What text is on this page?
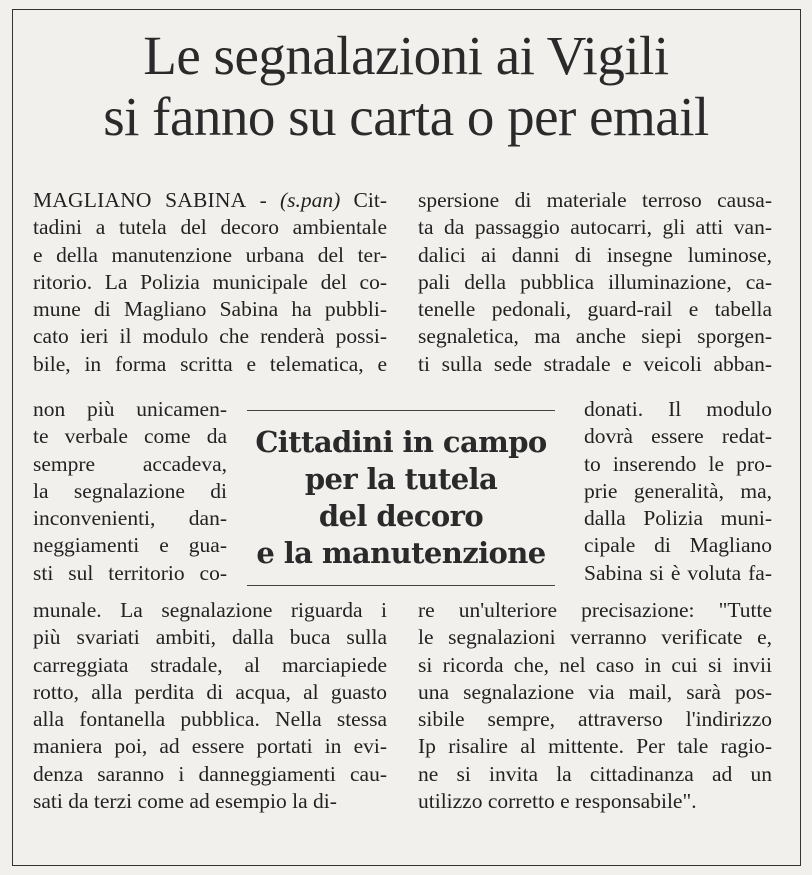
Le segnalazioni ai Vigili
si fanno su carta o per email
MAGLIANO SABINA - (s.pan) Cit-
tadini a tutela del decoro ambientale
e della manutenzione urbana del ter-
ritorio. La Polizia municipale del co-
mune di Magliano Sabina ha pubbli-
cato ieri il modulo che renderà possi-
bile, in forma scritta e telematica, e
non più unicamen-
te verbale come da
sempre accadeva,
la segnalazione di
inconvenienti, dan-
neggiamenti e gua-
sti sul territorio co-
munale. La segnalazione riguarda i
più svariati ambiti, dalla buca sulla
carreggiata stradale, al marciapiede
rotto, alla perdita di acqua, al guasto
alla fontanella pubblica. Nella stessa
maniera poi, ad essere portati in evi-
denza saranno i danneggiamenti cau-
sati da terzi come ad esempio la di-
spersione di materiale terroso causa-
ta da passaggio autocarri, gli atti van-
dalici ai danni di insegne luminose,
pali della pubblica illuminazione, ca-
tenelle pedonali, guard-rail e tabella
segnaletica, ma anche siepi sporgen-
ti sulla sede stradale e veicoli abban-
donati. Il modulo
dovrà essere redat-
to inserendo le pro-
prie generalità, ma,
dalla Polizia muni-
cipale di Magliano
Sabina si è voluta fa-
re un'ulteriore precisazione: "Tutte
le segnalazioni verranno verificate e,
si ricorda che, nel caso in cui si invii
una segnalazione via mail, sarà pos-
sibile sempre, attraverso l'indirizzo
Ip risalire al mittente. Per tale ragio-
ne si invita la cittadinanza ad un
utilizzo corretto e responsabile".
Cittadini in campo
per la tutela
del decoro
e la manutenzione
